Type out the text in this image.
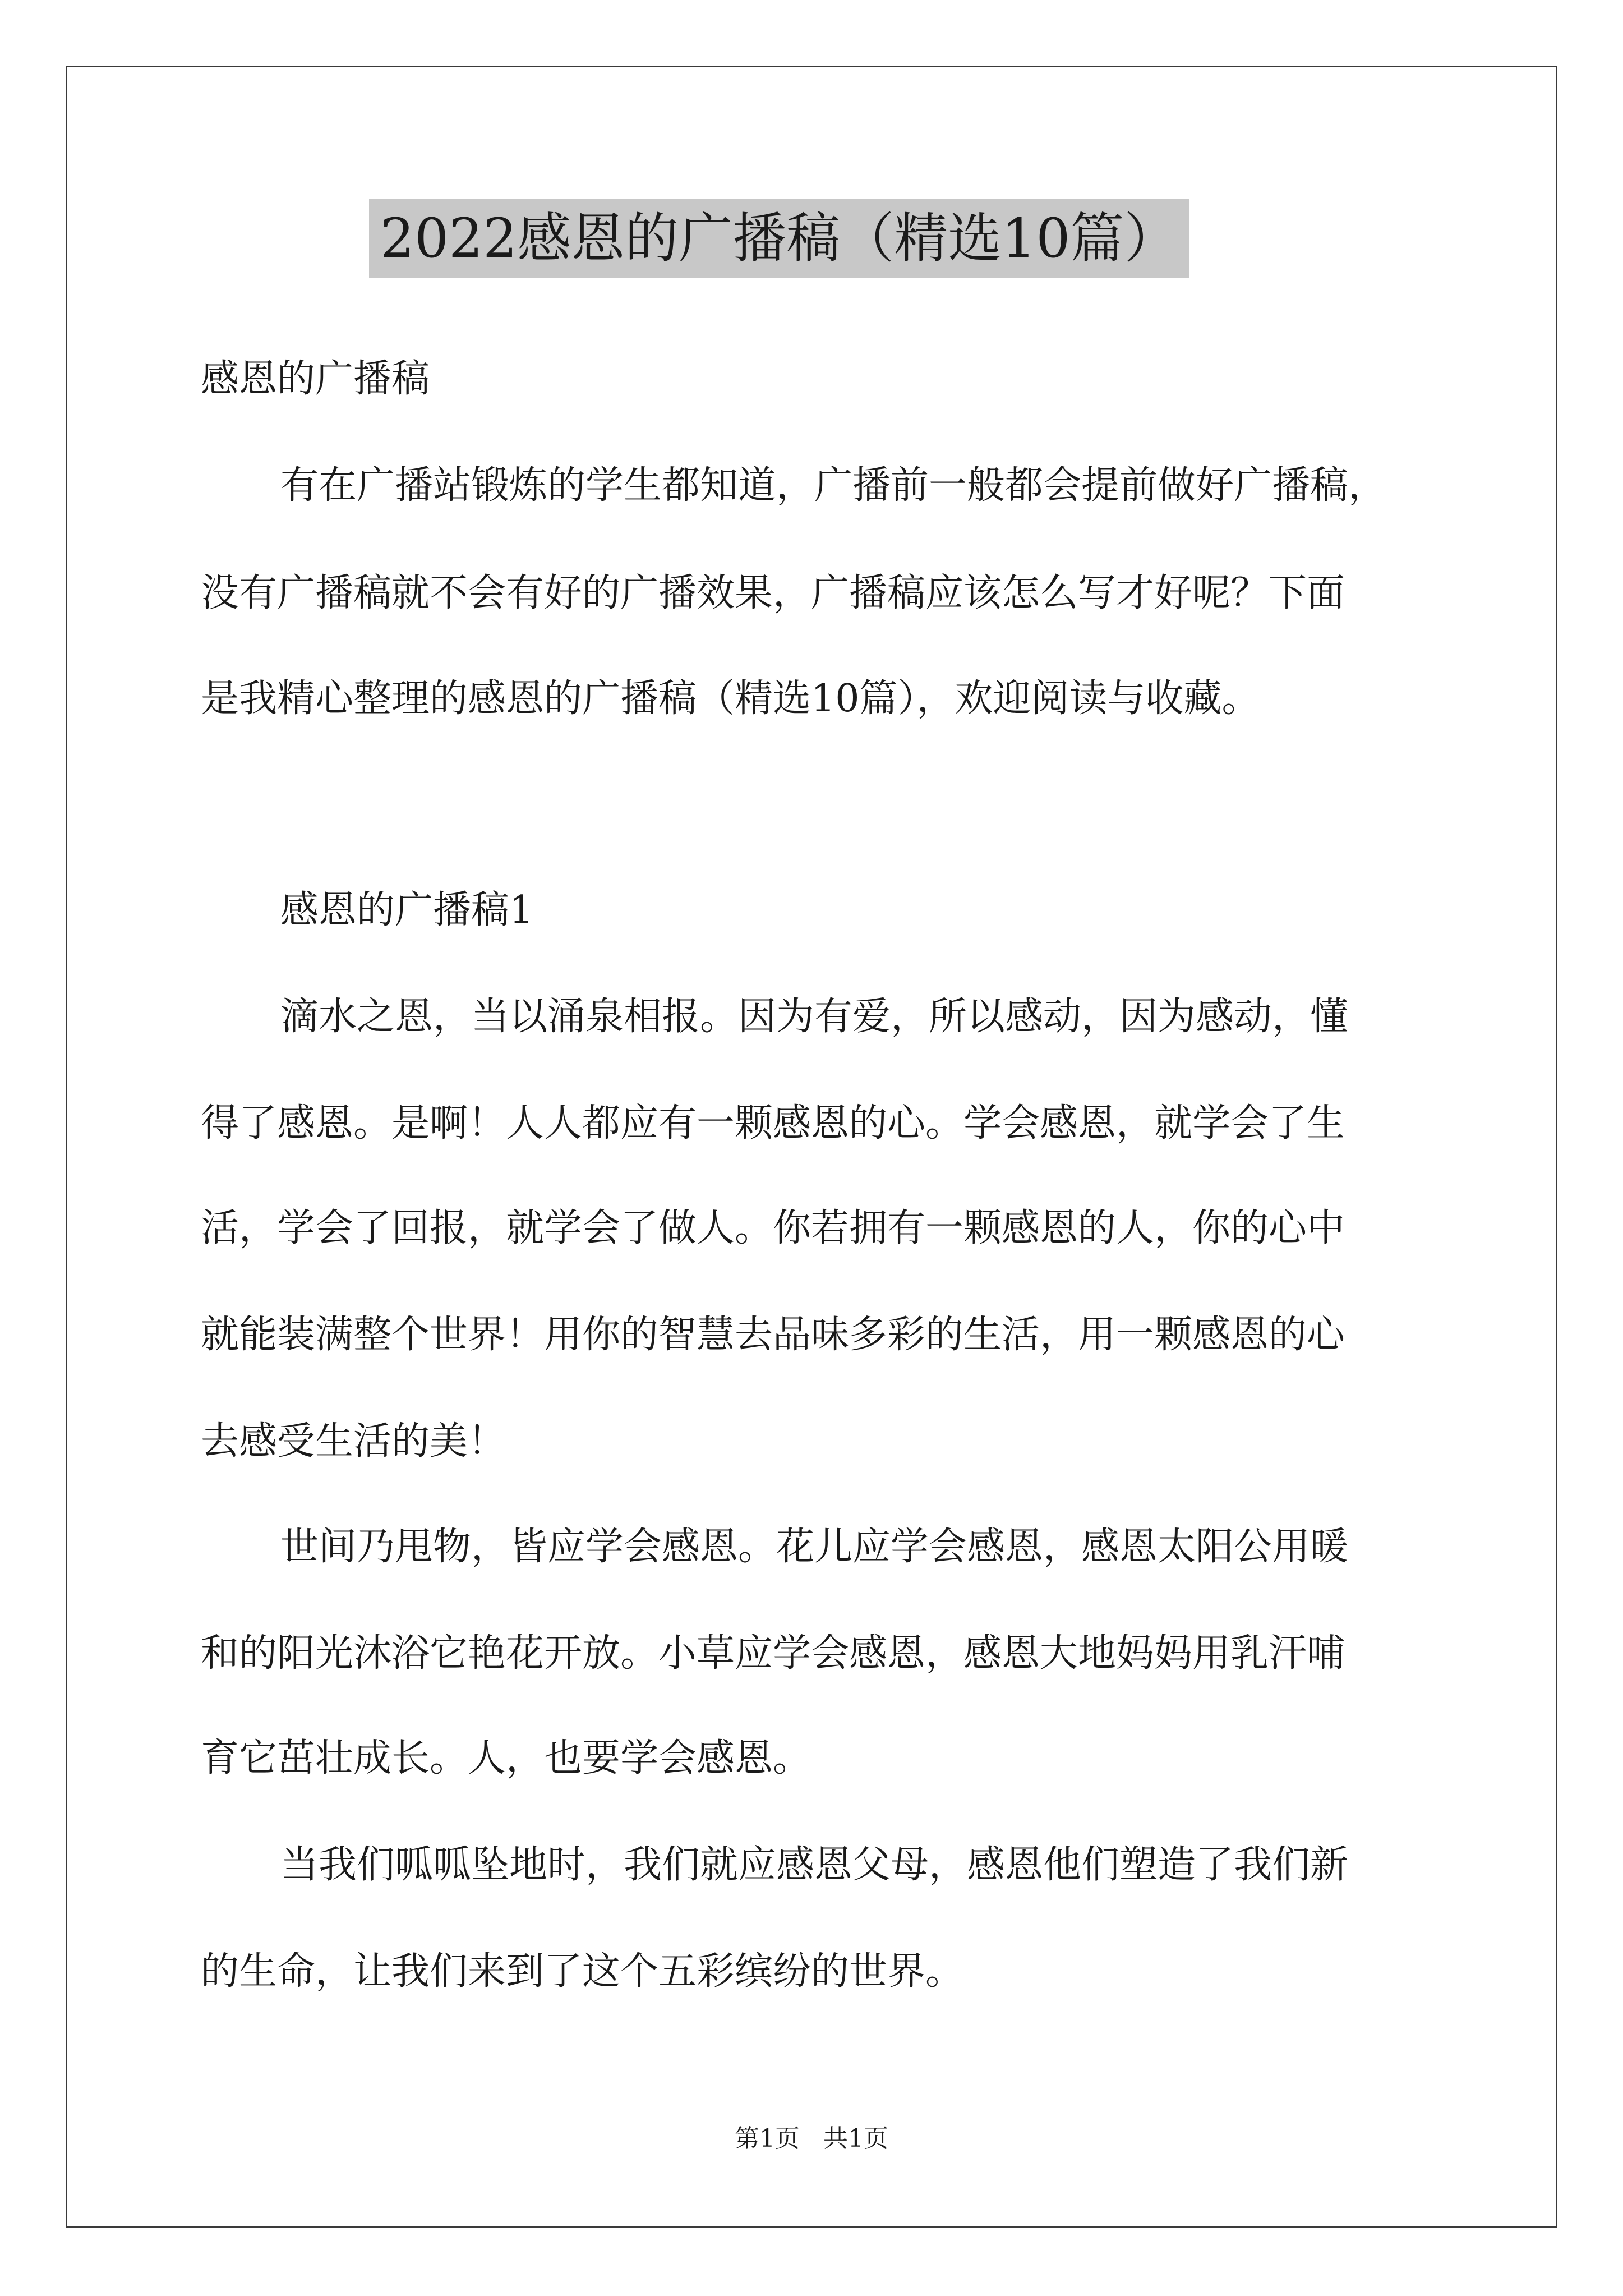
2022感恩的广播稿（精选10篇）
感恩的广播稿
有在广播站锻炼的学生都知道，广播前一般都会提前做好广播稿，
没有广播稿就不会有好的广播效果，广播稿应该怎么写才好呢？下面
是我精心整理的感恩的广播稿（精选10篇），欢迎阅读与收藏。
感恩的广播稿1
滴水之恩，当以涌泉相报。因为有爱，所以感动，因为感动，懂
得了感恩。是啊！人人都应有一颗感恩的心。学会感恩，就学会了生
活，学会了回报，就学会了做人。你若拥有一颗感恩的人，你的心中
就能装满整个世界！用你的智慧去品味多彩的生活，用一颗感恩的心
去感受生活的美！
世间乃甩物，皆应学会感恩。花儿应学会感恩，感恩太阳公用暖
和的阳光沐浴它艳花开放。小草应学会感恩，感恩大地妈妈用乳汗哺
育它茁壮成长。人，也要学会感恩。
当我们呱呱坠地时，我们就应感恩父母，感恩他们塑造了我们新
的生命，让我们来到了这个五彩缤纷的世界。
第1页 共1页
